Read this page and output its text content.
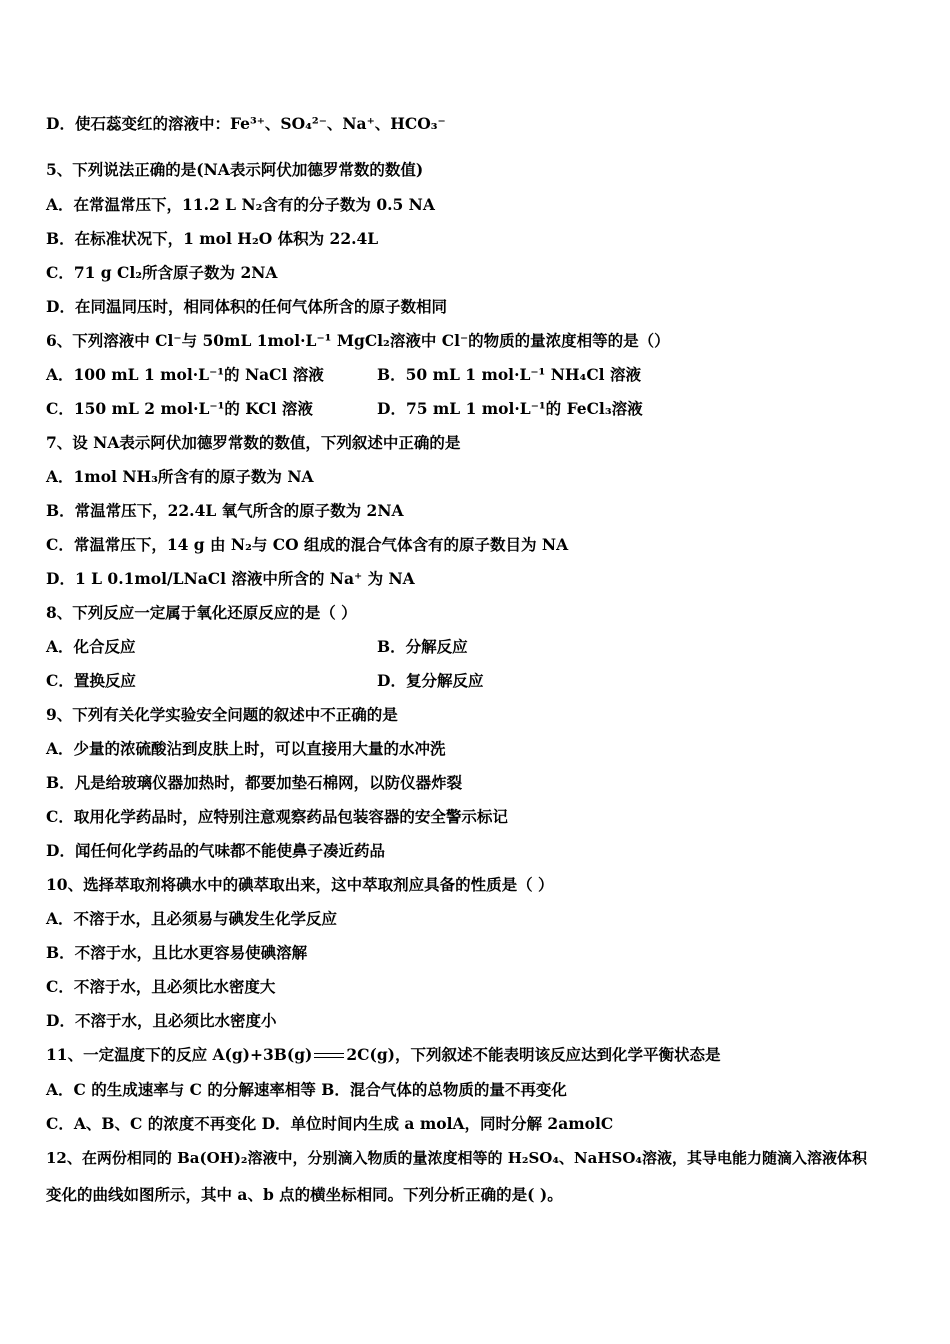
D．使石蕊变红的溶液中：Fe³⁺、SO₄²⁻、Na⁺、HCO₃⁻
5、下列说法正确的是(NA表示阿伏加德罗常数的数值)
A．在常温常压下，11.2 L N₂含有的分子数为 0.5 NA
B．在标准状况下，1 mol H₂O 体积为 22.4L
C．71 g Cl₂所含原子数为 2NA
D．在同温同压时，相同体积的任何气体所含的原子数相同
6、下列溶液中 Cl⁻与 50mL 1mol·L⁻¹ MgCl₂溶液中 Cl⁻的物质的量浓度相等的是（）
A．100 mL 1 mol·L⁻¹的 NaCl 溶液	B．50 mL 1 mol·L⁻¹ NH₄Cl 溶液
C．150 mL 2 mol·L⁻¹的 KCl 溶液	D．75 mL 1 mol·L⁻¹的 FeCl₃溶液
7、设 NA表示阿伏加德罗常数的数值，下列叙述中正确的是
A．1mol NH₃所含有的原子数为 NA
B．常温常压下，22.4L 氧气所含的原子数为 2NA
C．常温常压下，14 g 由 N₂与 CO 组成的混合气体含有的原子数目为 NA
D．1 L 0.1mol/LNaCl 溶液中所含的 Na⁺ 为 NA
8、下列反应一定属于氧化还原反应的是（ ）
A．化合反应	B．分解反应
C．置换反应	D．复分解反应
9、下列有关化学实验安全问题的叙述中不正确的是
A．少量的浓硫酸沾到皮肤上时，可以直接用大量的水冲洗
B．凡是给玻璃仪器加热时，都要加垫石棉网，以防仪器炸裂
C．取用化学药品时，应特别注意观察药品包装容器的安全警示标记
D．闻任何化学药品的气味都不能使鼻子凑近药品
10、选择萃取剂将碘水中的碘萃取出来，这中萃取剂应具备的性质是（ ）
A．不溶于水，且必须易与碘发生化学反应
B．不溶于水，且比水更容易使碘溶解
C．不溶于水，且必须比水密度大
D．不溶于水，且必须比水密度小
11、一定温度下的反应 A(g)+3B(g) 2C(g)，下列叙述不能表明该反应达到化学平衡状态是
A．C 的生成速率与 C 的分解速率相等 B．混合气体的总物质的量不再变化
C．A、B、C 的浓度不再变化 D．单位时间内生成 a molA，同时分解 2amolC
12、在两份相同的 Ba(OH)₂溶液中，分别滴入物质的量浓度相等的 H₂SO₄、NaHSO₄溶液，其导电能力随滴入溶液体积
变化的曲线如图所示，其中 a、b 点的横坐标相同。下列分析正确的是( )。
